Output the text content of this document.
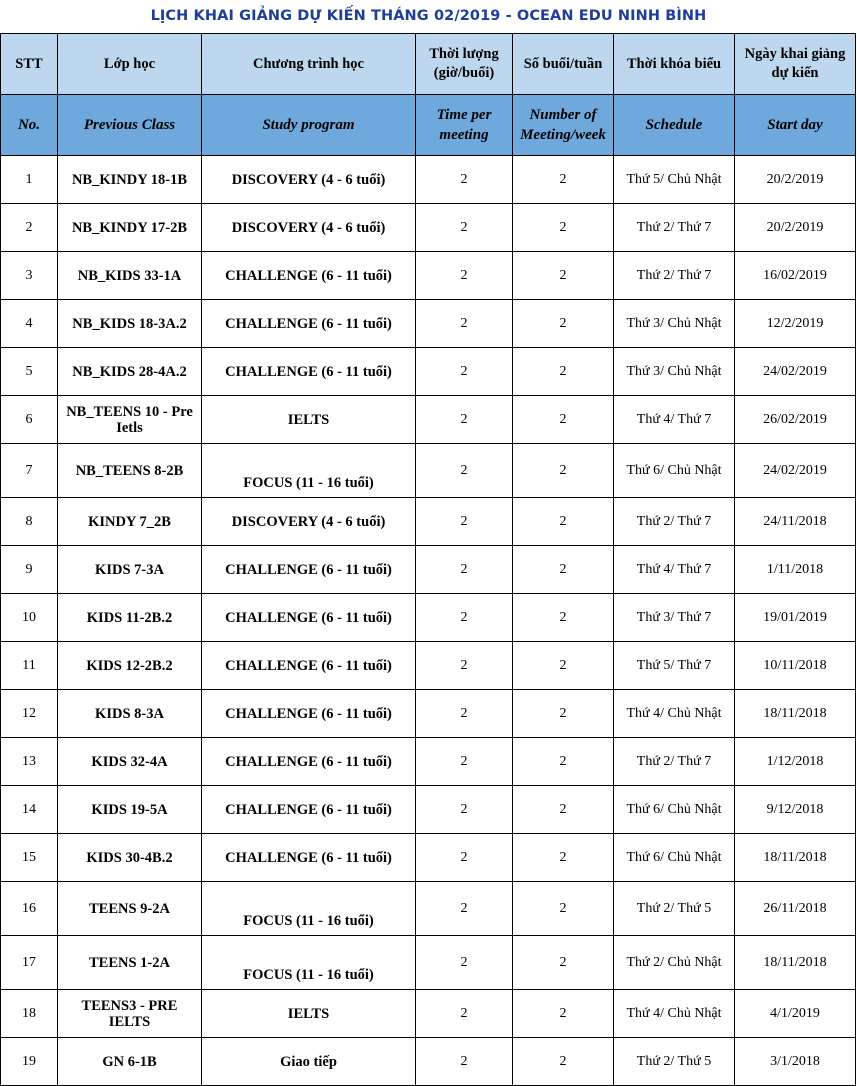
LỊCH KHAI GIẢNG DỰ KIẾN THÁNG 02/2019 - OCEAN EDU NINH BÌNH
STT	Lớp học	Chương trình học	Thời lượng (giờ/buổi)	Số buổi/tuần	Thời khóa biểu	Ngày khai giảng dự kiến
No.	Previous Class	Study program	Time per meeting	Number of Meeting/week	Schedule	Start day
1	NB_KINDY 18-1B	DISCOVERY (4 - 6 tuổi)	2	2	Thứ 5/ Chủ Nhật	20/2/2019
2	NB_KINDY 17-2B	DISCOVERY (4 - 6 tuổi)	2	2	Thứ 2/ Thứ 7	20/2/2019
3	NB_KIDS 33-1A	CHALLENGE (6 - 11 tuổi)	2	2	Thứ 2/ Thứ 7	16/02/2019
4	NB_KIDS 18-3A.2	CHALLENGE (6 - 11 tuổi)	2	2	Thứ 3/ Chủ Nhật	12/2/2019
5	NB_KIDS 28-4A.2	CHALLENGE (6 - 11 tuổi)	2	2	Thứ 3/ Chủ Nhật	24/02/2019
6	NB_TEENS 10 - Pre Ietls	IELTS	2	2	Thứ 4/ Thứ 7	26/02/2019
7	NB_TEENS 8-2B	FOCUS (11 - 16 tuổi)	2	2	Thứ 6/ Chủ Nhật	24/02/2019
8	KINDY 7_2B	DISCOVERY (4 - 6 tuổi)	2	2	Thứ 2/ Thứ 7	24/11/2018
9	KIDS 7-3A	CHALLENGE (6 - 11 tuổi)	2	2	Thứ 4/ Thứ 7	1/11/2018
10	KIDS 11-2B.2	CHALLENGE (6 - 11 tuổi)	2	2	Thứ 3/ Thứ 7	19/01/2019
11	KIDS 12-2B.2	CHALLENGE (6 - 11 tuổi)	2	2	Thứ 5/ Thứ 7	10/11/2018
12	KIDS 8-3A	CHALLENGE (6 - 11 tuổi)	2	2	Thứ 4/ Chủ Nhật	18/11/2018
13	KIDS 32-4A	CHALLENGE (6 - 11 tuổi)	2	2	Thứ 2/ Thứ 7	1/12/2018
14	KIDS 19-5A	CHALLENGE (6 - 11 tuổi)	2	2	Thứ 6/ Chủ Nhật	9/12/2018
15	KIDS 30-4B.2	CHALLENGE (6 - 11 tuổi)	2	2	Thứ 6/ Chủ Nhật	18/11/2018
16	TEENS 9-2A	FOCUS (11 - 16 tuổi)	2	2	Thứ 2/ Thứ 5	26/11/2018
17	TEENS 1-2A	FOCUS (11 - 16 tuổi)	2	2	Thứ 2/ Chủ Nhật	18/11/2018
18	TEENS3 - PRE IELTS	IELTS	2	2	Thứ 4/ Chủ Nhật	4/1/2019
19	GN 6-1B	Giao tiếp	2	2	Thứ 2/ Thứ 5	3/1/2018
